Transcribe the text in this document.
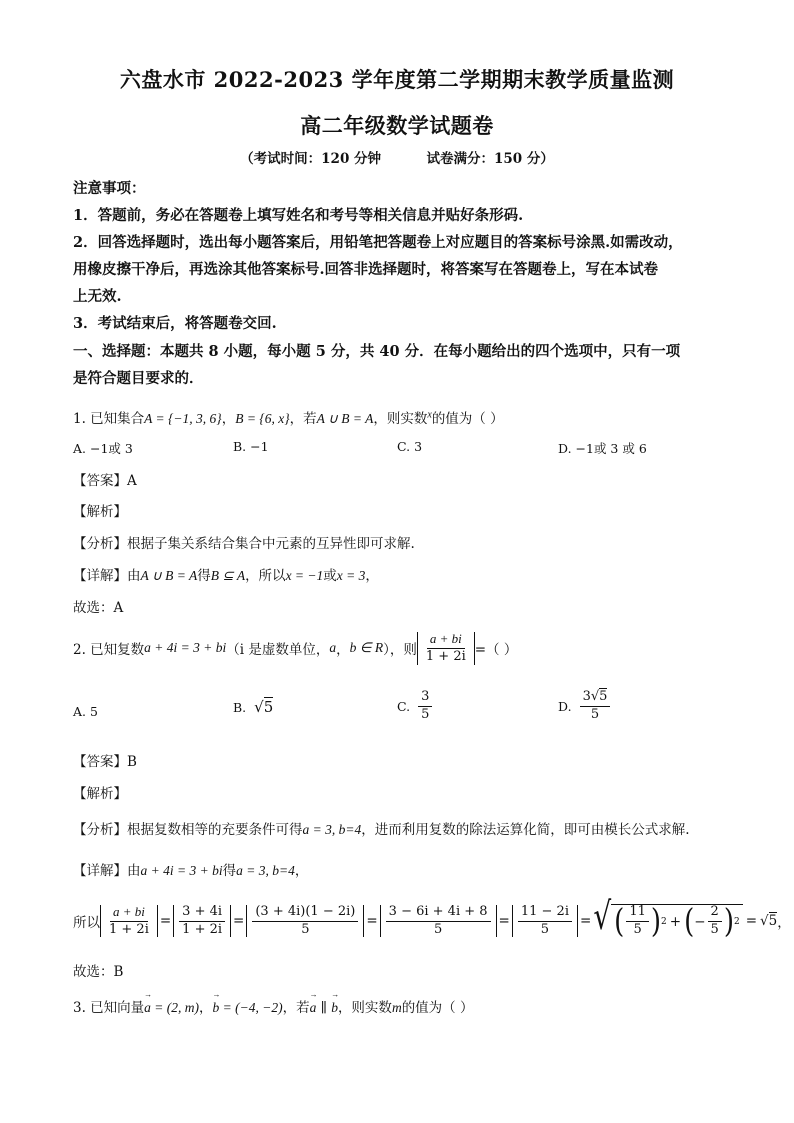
六盘水市 2022-2023 学年度第二学期期末教学质量监测
高二年级数学试题卷
（考试时间：120 分钟	试卷满分：150 分）
注意事项：
1．答题前，务必在答题卷上填写姓名和考号等相关信息并贴好条形码.
2．回答选择题时，选出每小题答案后，用铅笔把答题卷上对应题目的答案标号涂黑.如需改动，
用橡皮擦干净后，再选涂其他答案标号.回答非选择题时，将答案写在答题卷上，写在本试卷
上无效.
3．考试结束后，将答题卷交回.
一、选择题：本题共 8 小题，每小题 5 分，共 40 分．在每小题给出的四个选项中，只有一项
是符合题目要求的．
1. 已知集合A = {−1, 3, 6}，B = {6, x}，若A ∪ B = A，则实数$^x$的值为（ ）
A. −1或 3	B. −1	C. 3	D. −1或 3 或 6
【答案】A
【解析】
【分析】根据子集关系结合集合中元素的互异性即可求解.
【详解】由A ∪ B = A得B ⊆ A，所以x = −1或x = 3，
故选：A
2. 已知复数 a + 4i = 3 + bi （i 是虚数单位， a ， b ∈ R ），则 $\frac{a + bi}{1 + 2i}$ =（ ）
A. 5	B. √5	C. $\frac{3}{5}$	D. $\frac{3√5}{5}$
【答案】B
【解析】
【分析】根据复数相等的充要条件可得a = 3, b=4，进而利用复数的除法运算化简，即可由模长公式求解.
【详解】由a + 4i = 3 + bi得a = 3, b=4，
所以 $\frac{a + bi}{1 + 2i} = \frac{3 + 4i}{1 + 2i} = \frac{(3 + 4i)(1 - 2i)}{5} = \frac{3 - 6i + 4i + 8}{5} = \frac{11 - 2i}{5}$ = √ ( $\frac{11}{5}$ ) 2 + ( − $\frac{2}{5}$ ) 2 = √5 ，
故选：B
3. 已知向量→ a = (2, m)，→ b = (−4, −2)，若→ a ∥ → b，则实数m的值为（ ）
